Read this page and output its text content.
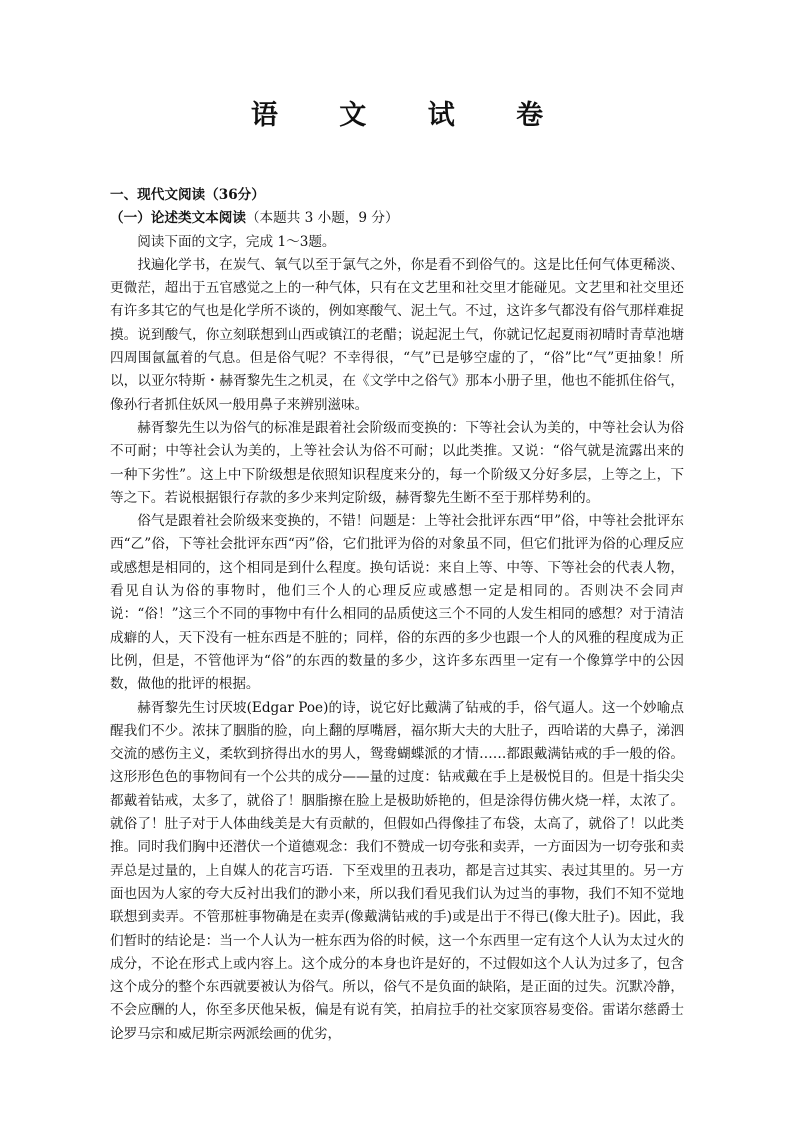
语 文 试 卷
一、现代文阅读（36分）
（一）论述类文本阅读（本题共 3 小题，9 分）

阅读下面的文字，完成 1～3题。

找遍化学书，在炭气、氧气以至于氯气之外，你是看不到俗气的。这是比任何气体更稀淡、更微茫，超出于五官感觉之上的一种气体，只有在文艺里和社交里才能碰见。文艺里和社交里还有许多其它的气也是化学所不谈的，例如寒酸气、泥土气。不过，这许多气都没有俗气那样难捉摸。说到酸气，你立刻联想到山西或镇江的老醋；说起泥土气，你就记忆起夏雨初晴时青草池塘四周围氤氲着的气息。但是俗气呢？不幸得很，“气”已是够空虚的了，“俗”比“气”更抽象！所以，以亚尔特斯・赫胥黎先生之机灵，在《文学中之俗气》那本小册子里，他也不能抓住俗气，像孙行者抓住妖风一般用鼻子来辨别滋味。

赫胥黎先生以为俗气的标准是跟着社会阶级而变换的：下等社会认为美的，中等社会认为俗不可耐；中等社会认为美的，上等社会认为俗不可耐；以此类推。又说：“俗气就是流露出来的一种下劣性”。这上中下阶级想是依照知识程度来分的，每一个阶级又分好多层，上等之上，下等之下。若说根据银行存款的多少来判定阶级，赫胥黎先生断不至于那样势利的。

俗气是跟着社会阶级来变换的，不错！问题是：上等社会批评东西“甲”俗，中等社会批评东西“乙”俗，下等社会批评东西“丙”俗，它们批评为俗的对象虽不同，但它们批评为俗的心理反应或感想是相同的，这个相同是到什么程度。换句话说：来自上等、中等、下等社会的代表人物，看见自认为俗的事物时，他们三个人的心理反应或感想一定是相同的。否则决不会同声说：“俗！”这三个不同的事物中有什么相同的品质使这三个不同的人发生相同的感想？对于清洁成癖的人，天下没有一桩东西是不脏的；同样，俗的东西的多少也跟一个人的风雅的程度成为正比例，但是，不管他评为“俗”的东西的数量的多少，这许多东西里一定有一个像算学中的公因数，做他的批评的根据。

赫胥黎先生讨厌坡(Edgar Poe)的诗，说它好比戴满了钻戒的手，俗气逼人。这一个妙喻点醒我们不少。浓抹了胭脂的脸，向上翻的厚嘴唇，福尔斯大夫的大肚子，西哈诺的大鼻子，涕泗交流的感伤主义，柔软到挤得出水的男人，鸳鸯蝴蝶派的才情……都跟戴满钻戒的手一般的俗。这形形色色的事物间有一个公共的成分——量的过度：钻戒戴在手上是极悦目的。但是十指尖尖都戴着钻戒，太多了，就俗了！胭脂擦在脸上是极助娇艳的，但是涂得仿佛火烧一样，太浓了。就俗了！肚子对于人体曲线美是大有贡献的，但假如凸得像挂了布袋，太高了，就俗了！以此类推。同时我们胸中还潜伏一个道德观念：我们不赞成一切夸张和卖弄，一方面因为一切夸张和卖弄总是过量的，上自媒人的花言巧语．下至戏里的丑表功，都是言过其实、表过其里的。另一方面也因为人家的夸大反衬出我们的渺小来，所以我们看见我们认为过当的事物，我们不知不觉地联想到卖弄。不管那桩事物确是在卖弄(像戴满钻戒的手)或是出于不得已(像大肚子)。因此，我们暂时的结论是：当一个人认为一桩东西为俗的时候，这一个东西里一定有这个人认为太过火的成分，不论在形式上或内容上。这个成分的本身也许是好的，不过假如这个人认为过多了，包含这个成分的整个东西就要被认为俗气。所以，俗气不是负面的缺陷，是正面的过失。沉默冷静，不会应酬的人，你至多厌他呆板，偏是有说有笑，拍肩拉手的社交家顶容易变俗。雷诺尔慈爵士论罗马宗和威尼斯宗两派绘画的优劣，
